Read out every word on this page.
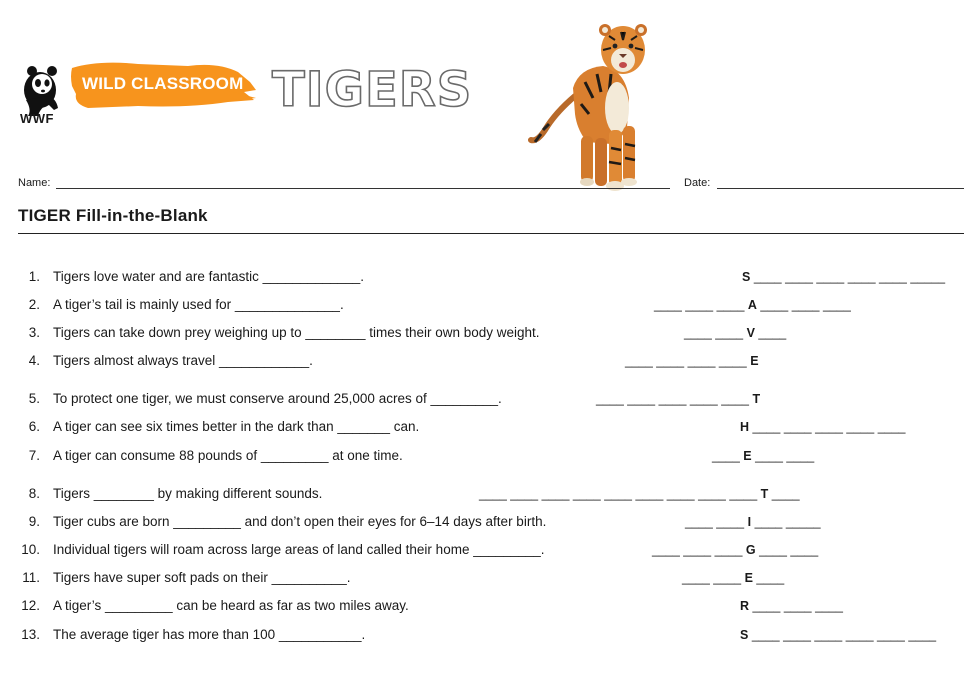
WWF
WILD CLASSROOM TIGERS
Name:	Date:
TIGER Fill-in-the-Blank
1. Tigers love water and are fantastic _____________.	S ____ ____ ____ ____ ____ _____
2. A tiger’s tail is mainly used for ______________.	____ ____ ____ A ____ ____ ____
3. Tigers can take down prey weighing up to ________ times their own body weight.	____ ____ V ____
4. Tigers almost always travel ____________.	____ ____ ____ ____ E
5. To protect one tiger, we must conserve around 25,000 acres of _________.	____ ____ ____ ____ ____ T
6. A tiger can see six times better in the dark than _______ can.	H ____ ____ ____ ____ ____
7. A tiger can consume 88 pounds of _________ at one time.	____ E ____ ____
8. Tigers ________ by making different sounds.	____ ____ ____ ____ ____ ____ ____ ____ ____ T ____
9. Tiger cubs are born _________ and don’t open their eyes for 6–14 days after birth.	____ ____ I ____ _____
10. Individual tigers will roam across large areas of land called their home _________.	____ ____ ____ G ____ ____
11. Tigers have super soft pads on their __________.	____ ____ E ____
12. A tiger’s _________ can be heard as far as two miles away.	R ____ ____ ____
13. The average tiger has more than 100 ___________.	S ____ ____ ____ ____ ____ ____
